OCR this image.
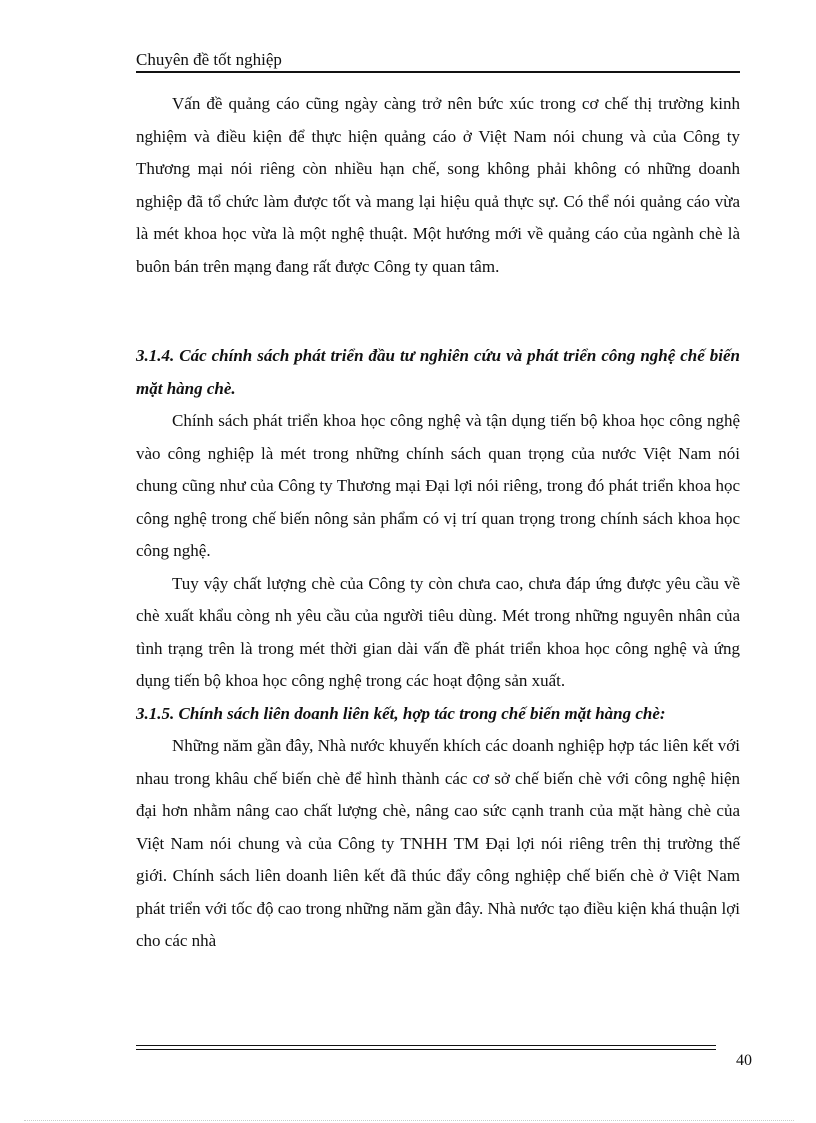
Chuyên đề tốt nghiệp

Vấn đề quảng cáo cũng ngày càng trở nên bức xúc trong cơ chế thị trường kinh nghiệm và điều kiện để thực hiện quảng cáo ở Việt Nam nói chung và của Công ty Thương mại nói riêng còn nhiều hạn chế, song không phải không có những doanh nghiệp đã tổ chức làm được tốt và mang lại hiệu quả thực sự. Có thể nói quảng cáo vừa là mét khoa học vừa là một nghệ thuật. Một hướng mới về quảng cáo của ngành chè là buôn bán trên mạng đang rất được Công ty quan tâm.

3.1.4. Các chính sách phát triển đầu tư nghiên cứu và phát triển công nghệ chế biến mặt hàng chè.

Chính sách phát triển khoa học công nghệ và tận dụng tiến bộ khoa học công nghệ vào công nghiệp là mét trong những chính sách quan trọng của nước Việt Nam nói chung cũng như của Công ty Thương mại Đại lợi nói riêng, trong đó phát triển khoa học công nghệ trong chế biến nông sản phẩm có vị trí quan trọng trong chính sách khoa học công nghệ.

Tuy vậy chất lượng chè của Công ty còn chưa cao, chưa đáp ứng được yêu cầu về chè xuất khẩu còng nh yêu cầu của người tiêu dùng. Mét trong những nguyên nhân của tình trạng trên là trong mét thời gian dài vấn đề phát triển khoa học công nghệ và ứng dụng tiến bộ khoa học công nghệ trong các hoạt động sản xuất.

3.1.5. Chính sách liên doanh liên kết, hợp tác trong chế biến mặt hàng chè:

Những năm gần đây, Nhà nước khuyến khích các doanh nghiệp hợp tác liên kết với nhau trong khâu chế biến chè để hình thành các cơ sở chế biến chè với công nghệ hiện đại hơn nhằm nâng cao chất lượng chè, nâng cao sức cạnh tranh của mặt hàng chè của Việt Nam nói chung và của Công ty TNHH TM Đại lợi nói riêng trên thị trường thế giới. Chính sách liên doanh liên kết đã thúc đẩy công nghiệp chế biến chè ở Việt Nam phát triển với tốc độ cao trong những năm gần đây. Nhà nước tạo điều kiện khá thuận lợi cho các nhà

40
